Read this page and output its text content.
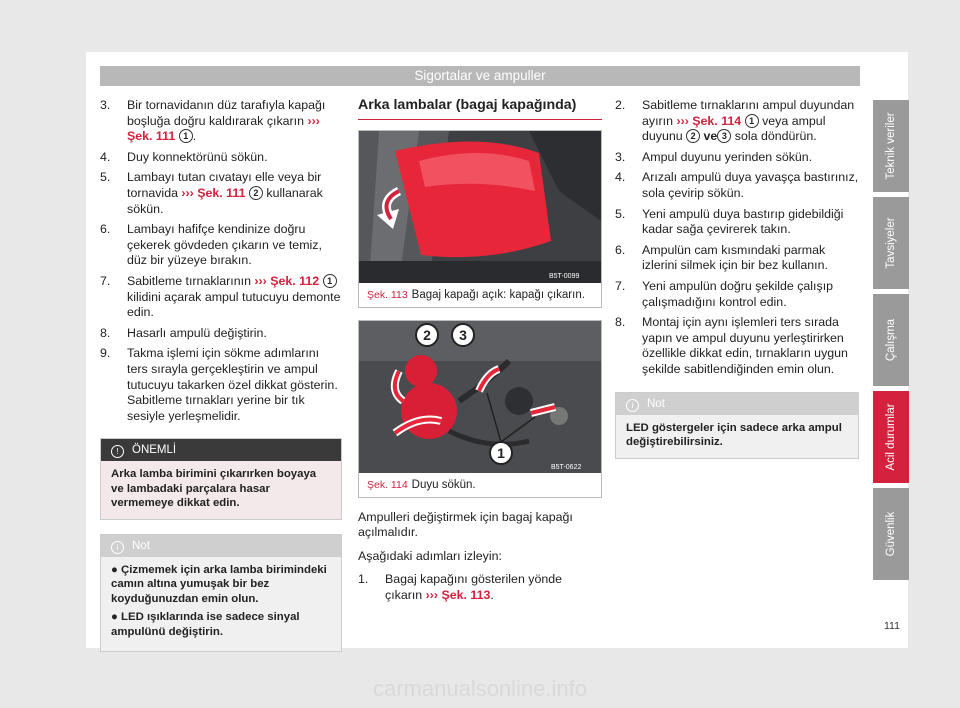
Sigortalar ve ampuller
3. Bir tornavidanın düz tarafıyla kapağı boşluğa doğru kaldırarak çıkarın ››› Şek. 111 1 .
4. Duy konnektörünü sökün.
5. Lambayı tutan cıvatayı elle veya bir tornavida ››› Şek. 111 2 kullanarak sökün.
6. Lambayı hafifçe kendinize doğru çekerek gövdeden çıkarın ve temiz, düz bir yüzeye bırakın.
7. Sabitleme tırnaklarının ››› Şek. 112 1 kilidini açarak ampul tutucuyu demonte edin.
8. Hasarlı ampulü değiştirin.
9. Takma işlemi için sökme adımlarını ters sırayla gerçekleştirin ve ampul tutucuyu takarken özel dikkat gösterin. Sabitleme tırnakları yerine bir tık sesiyle yerleşmelidir.
! ÖNEMLİ
Arka lamba birimini çıkarırken boyaya ve lambadaki parçalara hasar vermemeye dikkat edin.
i Not

● Çizmemek için arka lamba birimindeki camın altına yumuşak bir bez koyduğunuzdan emin olun.

● LED ışıklarında ise sadece sinyal ampulünü değiştirin.

Arka lambalar (bagaj kapağında)
B5T-0099
Şek. 113 Bagaj kapağı açık: kapağı çıkarın.
2 3
1
B5T-0622
Şek. 114 Duyu sökün.

Ampulleri değiştirmek için bagaj kapağı açılmalıdır.

Aşağıdaki adımları izleyin:

1. Bagaj kapağını gösterilen yönde çıkarın ››› Şek. 113.
2. Sabitleme tırnaklarını ampul duyundan ayırın ››› Şek. 114 1 veya ampul duyunu 2 ve 3 sola döndürün.
3. Ampul duyunu yerinden sökün.
4. Arızalı ampulü duya yavaşça bastırınız, sola çevirip sökün.
5. Yeni ampulü duya bastırıp gidebildiği kadar sağa çevirerek takın.
6. Ampulün cam kısmındaki parmak izlerini silmek için bir bez kullanın.
7. Yeni ampulün doğru şekilde çalışıp çalışmadığını kontrol edin.
8. Montaj için aynı işlemleri ters sırada yapın ve ampul duyunu yerleştirirken özellikle dikkat edin, tırnakların uygun şekilde sabitlendiğinden emin olun.
i Not
LED göstergeler için sadece arka ampul değiştirebilirsiniz.
Teknik veriler
Tavsiyeler
Çalışma
Acil durumlar
Güvenlik
111
carmanualsonline.info
